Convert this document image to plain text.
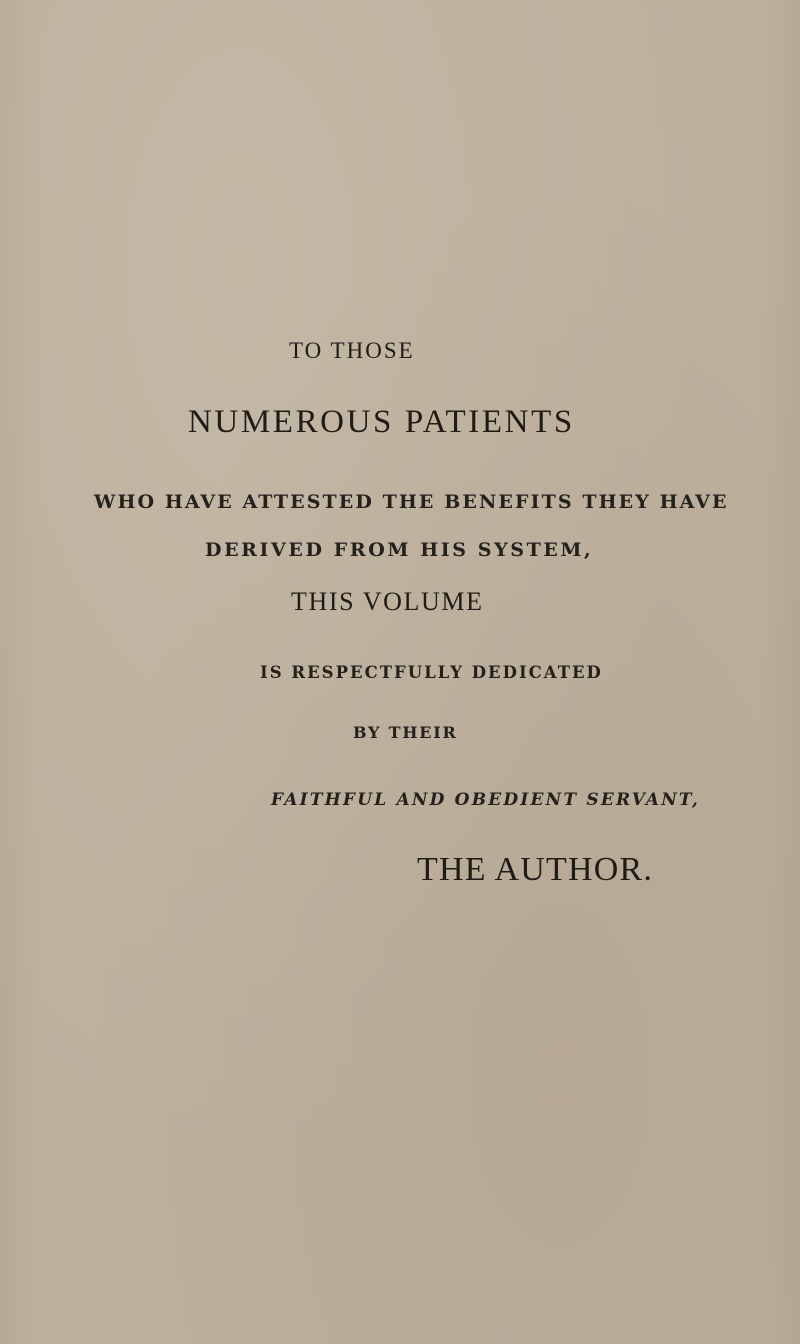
TO THOSE

NUMEROUS PATIENTS

WHO HAVE ATTESTED THE BENEFITS THEY HAVE

DERIVED FROM HIS SYSTEM,

THIS VOLUME

IS RESPECTFULLY DEDICATED

BY THEIR

FAITHFUL AND OBEDIENT SERVANT,

THE AUTHOR.
